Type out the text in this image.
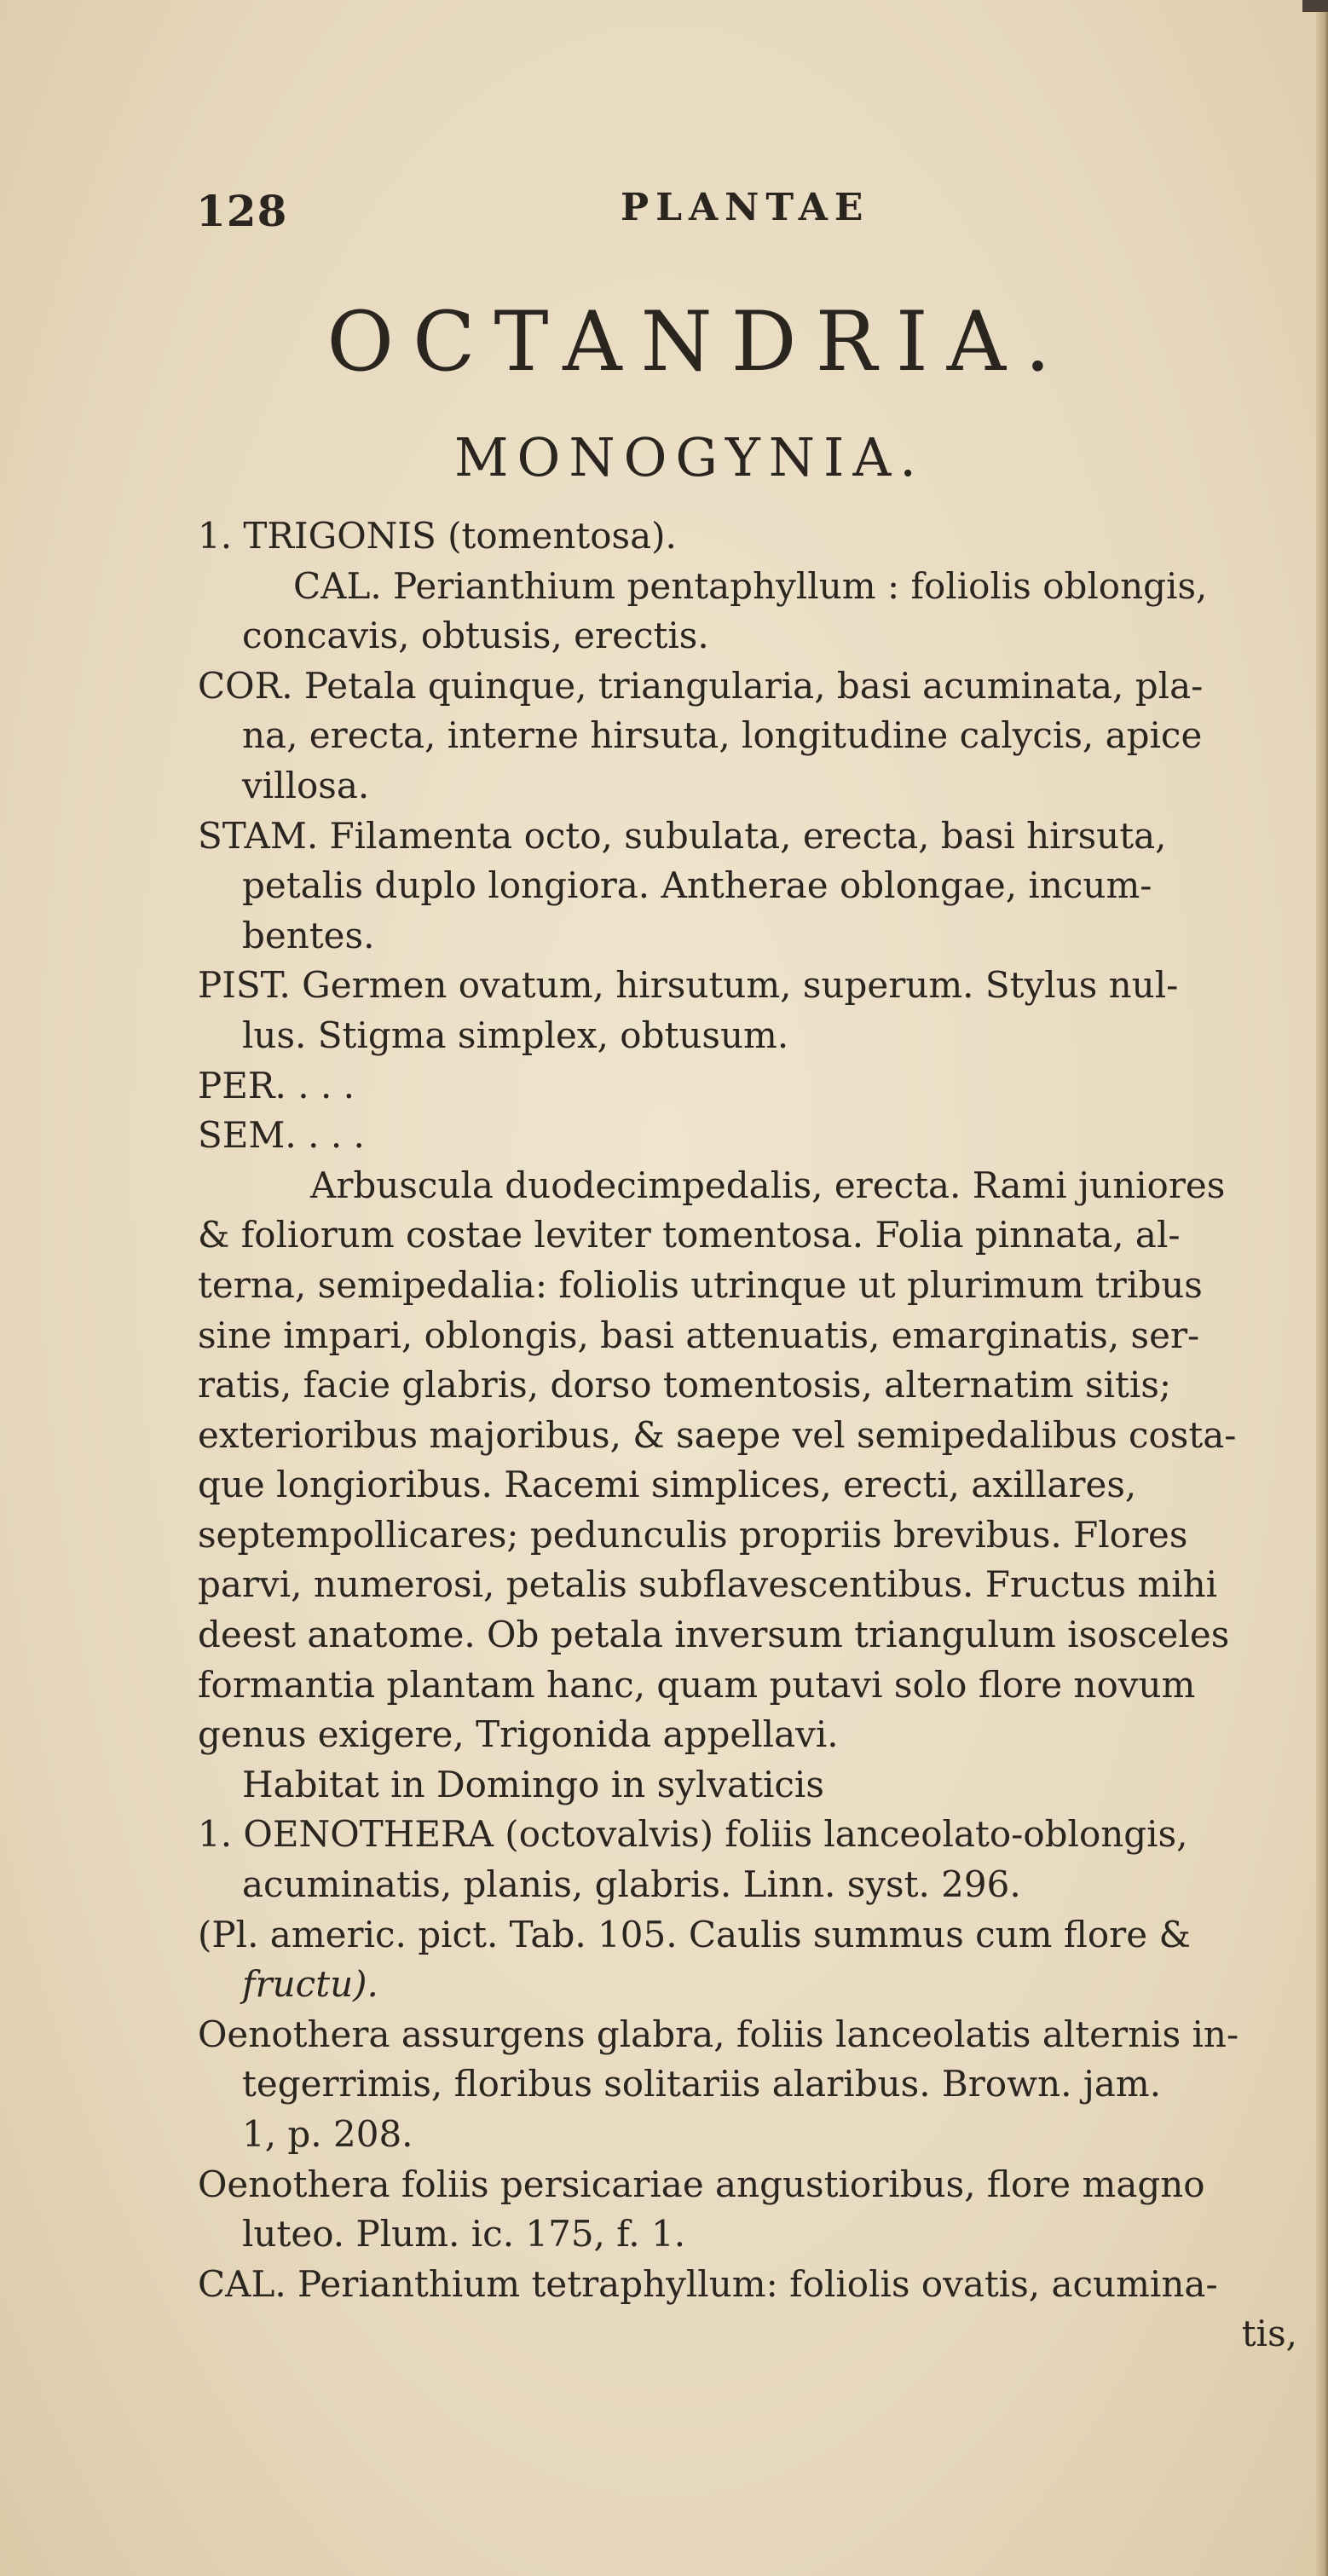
128	PLANTAE
OCTANDRIA.
MONOGYNIA.
1. TRIGONIS (tomentosa).
CAL. Perianthium pentaphyllum : foliolis oblongis,
concavis, obtusis, erectis.
COR. Petala quinque, triangularia, basi acuminata, pla-
na, erecta, interne hirsuta, longitudine calycis, apice
villosa.
STAM. Filamenta octo, subulata, erecta, basi hirsuta,
petalis duplo longiora. Antherae oblongae, incum-
bentes.
PIST. Germen ovatum, hirsutum, superum. Stylus nul-
lus. Stigma simplex, obtusum.
PER. . . .
SEM. . . .
Arbuscula duodecimpedalis, erecta. Rami juniores
& foliorum costae leviter tomentosa. Folia pinnata, al-
terna, semipedalia: foliolis utrinque ut plurimum tribus
sine impari, oblongis, basi attenuatis, emarginatis, ser-
ratis, facie glabris, dorso tomentosis, alternatim sitis;
exterioribus majoribus, & saepe vel semipedalibus costa-
que longioribus. Racemi simplices, erecti, axillares,
septempollicares; pedunculis propriis brevibus. Flores
parvi, numerosi, petalis subflavescentibus. Fructus mihi
deest anatome. Ob petala inversum triangulum isosceles
formantia plantam hanc, quam putavi solo flore novum
genus exigere, Trigonida appellavi.
Habitat in Domingo in sylvaticis
1. OENOTHERA (octovalvis) foliis lanceolato-oblongis,
acuminatis, planis, glabris. Linn. syst. 296.
(Pl. americ. pict. Tab. 105. Caulis summus cum flore &
fructu).
Oenothera assurgens glabra, foliis lanceolatis alternis in-
tegerrimis, floribus solitariis alaribus. Brown. jam.
1, p. 208.
Oenothera foliis persicariae angustioribus, flore magno
luteo. Plum. ic. 175, f. 1.
CAL. Perianthium tetraphyllum: foliolis ovatis, acumina-
tis,
